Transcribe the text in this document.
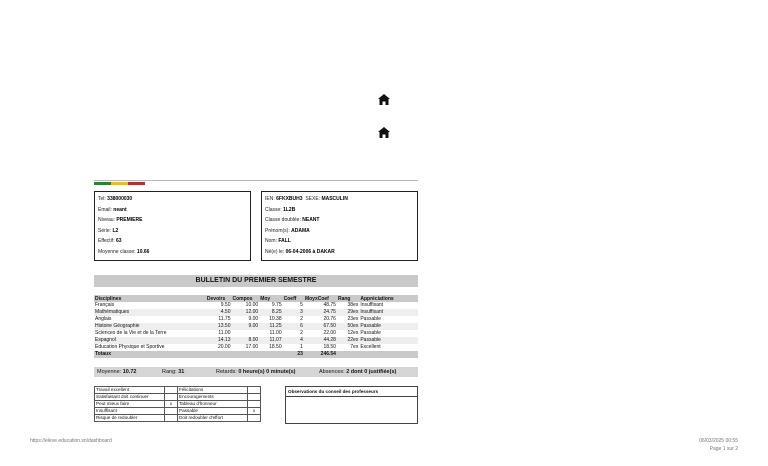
Tel: 338000030
Email: neant
Niveau: PREMIERE
Série: L2
Effectif: 63
Moyenne classe: 10.66
IEN: 6FKXBUH3 SEXE: MASCULIN
Classe: 1L2B
Classe doublée: NEANT
Prénom(s): ADAMA
Nom: FALL
Né(e) le: 06-04-2006 à DAKAR
BULLETIN DU PREMIER SEMESTRE
Disciplines	Devoirs	Compos	Moy	Coeff	MoyxCoef	Rang	Appréciations
Français	9.50	10.00	9.75	5	48.75	38ex	Insuffisant
Mathématiques	4.50	12.00	8.25	3	24.75	29ex	Insuffisant
Anglais	11.75	9.00	10.38	2	20.76	23ex	Passable
Histoire Géographie	13.50	9.00	11.25	6	67.50	50ex	Passable
Sciences de la Vie et de la Terre	11.00		11.00	2	22.00	12ex	Passable
Espagnol	14.13	8.00	11.07	4	44.28	22ex	Passable
Education Physique et Sportive	20.00	17.00	18.50	1	18.50	7ex	Excellent
Totaux				23	246.54		
Moyenne: 10.72	Rang: 31	Retards: 0 heure(s) 0 minute(s)	Absences: 2 dont 0 justifiée(s)
Travail excellent		Félicitations	
Satisfaisant doit continuer		Encouragements	
Peut mieux faire	x	Tableau d'honneur	
Insuffisant		Passable	x
Risque de redoubler		Doit redoubler d'effort	
Observations du conseil des professeurs
https://eleve.education.sn/dashboard	06/03/2025 00:55
Page 1 sur 2
